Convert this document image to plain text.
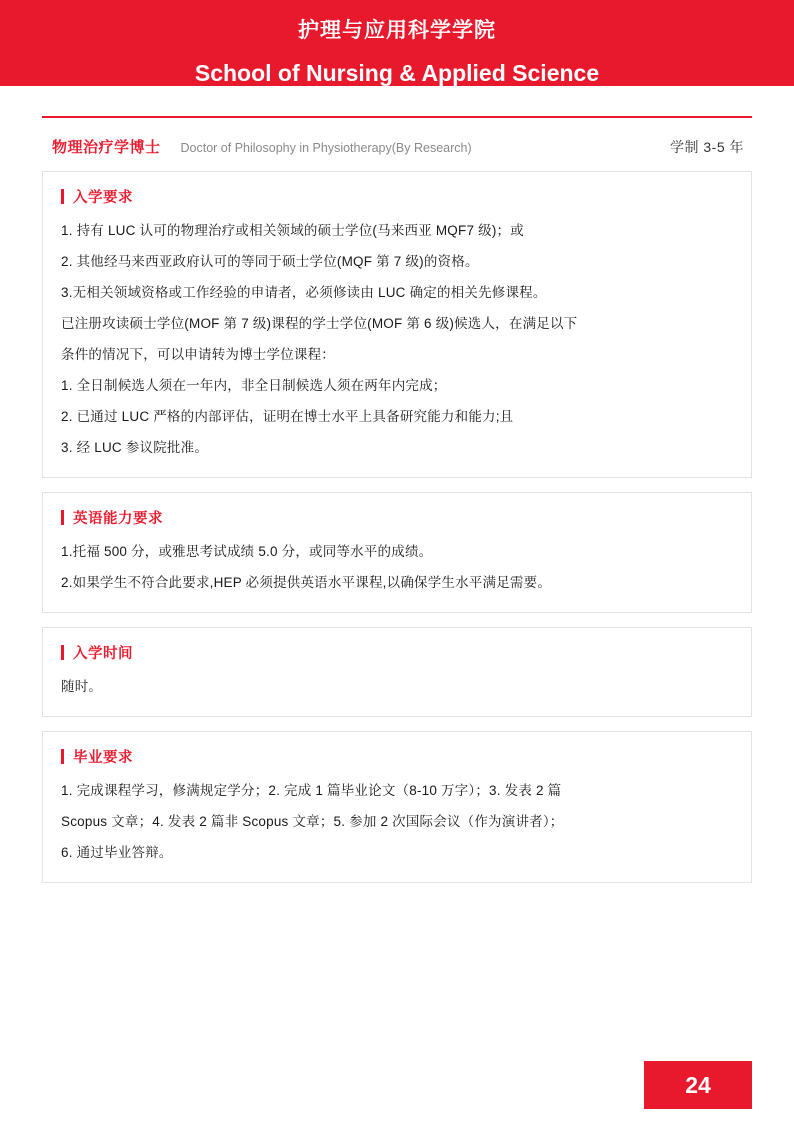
护理与应用科学学院
School of Nursing & Applied Science
物理治疗学博士 Doctor of Philosophy in Physiotherapy(By Research)	学制 3-5 年
入学要求
1. 持有 LUC 认可的物理治疗或相关领域的硕士学位(马来西亚 MQF7 级)；或
2. 其他经马来西亚政府认可的等同于硕士学位(MQF 第 7 级)的资格。
3.无相关领域资格或工作经验的申请者，必须修读由 LUC 确定的相关先修课程。
已注册攻读硕士学位(MOF 第 7 级)课程的学士学位(MOF 第 6 级)候选人，在满足以下
条件的情况下，可以申请转为博士学位课程：
1. 全日制候选人须在一年内，非全日制候选人须在两年内完成；
2. 已通过 LUC 严格的内部评估，证明在博士水平上具备研究能力和能力;且
3. 经 LUC 参议院批准。
英语能力要求
1.托福 500 分，或雅思考试成绩 5.0 分，或同等水平的成绩。
2.如果学生不符合此要求,HEP 必须提供英语水平课程,以确保学生水平满足需要。
入学时间
随时。
毕业要求
1. 完成课程学习，修满规定学分；2. 完成 1 篇毕业论文（8-10 万字）；3. 发表 2 篇
Scopus 文章；4. 发表 2 篇非 Scopus 文章；5. 参加 2 次国际会议（作为演讲者）；
6. 通过毕业答辩。
24
